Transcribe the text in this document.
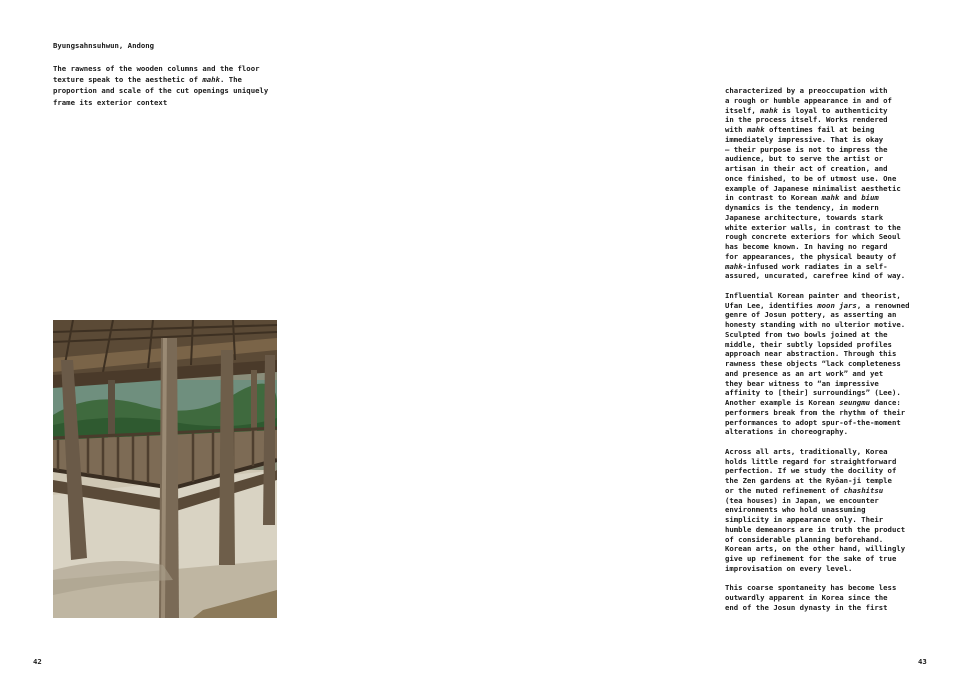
Byungsahnsuhwun, Andong
The rawness of the wooden columns and the floor
texture speak to the aesthetic of mahk. The
proportion and scale of the cut openings uniquely
frame its exterior context
42

characterized by a preoccupation with
a rough or humble appearance in and of
itself, mahk is loyal to authenticity
in the process itself. Works rendered
with mahk oftentimes fail at being
immediately impressive. That is okay
– their purpose is not to impress the
audience, but to serve the artist or
artisan in their act of creation, and
once finished, to be of utmost use. One
example of Japanese minimalist aesthetic
in contrast to Korean mahk and bium
dynamics is the tendency, in modern
Japanese architecture, towards stark
white exterior walls, in contrast to the
rough concrete exteriors for which Seoul
has become known. In having no regard
for appearances, the physical beauty of
mahk-infused work radiates in a self-
assured, uncurated, carefree kind of way.

Influential Korean painter and theorist,
Ufan Lee, identifies moon jars, a renowned
genre of Josun pottery, as asserting an
honesty standing with no ulterior motive.
Sculpted from two bowls joined at the
middle, their subtly lopsided profiles
approach near abstraction. Through this
rawness these objects “lack completeness
and presence as an art work” and yet
they bear witness to “an impressive
affinity to [their] surroundings” (Lee).
Another example is Korean seungmu dance:
performers break from the rhythm of their
performances to adopt spur-of-the-moment
alterations in choreography.

Across all arts, traditionally, Korea
holds little regard for straightforward
perfection. If we study the docility of
the Zen gardens at the Ryōan-ji temple
or the muted refinement of chashitsu
(tea houses) in Japan, we encounter
environments who hold unassuming
simplicity in appearance only. Their
humble demeanors are in truth the product
of considerable planning beforehand.
Korean arts, on the other hand, willingly
give up refinement for the sake of true
improvisation on every level.

This coarse spontaneity has become less
outwardly apparent in Korea since the
end of the Josun dynasty in the first

43
